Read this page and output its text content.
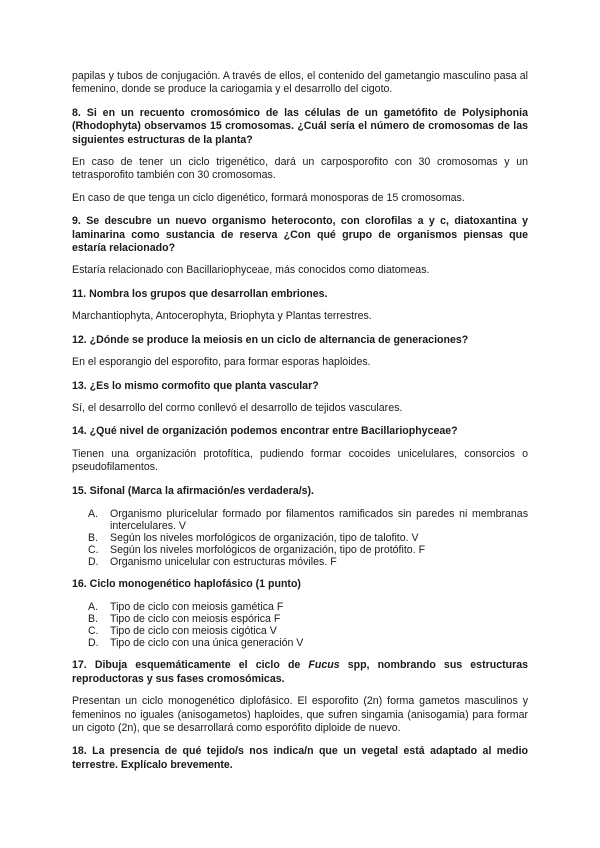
papilas y tubos de conjugación. A través de ellos, el contenido del gametangio masculino pasa al femenino, donde se produce la cariogamia y el desarrollo del cigoto.

8. Si en un recuento cromosómico de las células de un gametófito de Polysiphonia (Rhodophyta) observamos 15 cromosomas. ¿Cuál sería el número de cromosomas de las siguientes estructuras de la planta?

En caso de tener un ciclo trigenético, dará un carposporofito con 30 cromosomas y un tetrasporofito también con 30 cromosomas.

En caso de que tenga un ciclo digenético, formará monosporas de 15 cromosomas.

9. Se descubre un nuevo organismo heteroconto, con clorofilas a y c, diatoxantina y laminarina como sustancia de reserva ¿Con qué grupo de organismos piensas que estaría relacionado?

Estaría relacionado con Bacillariophyceae, más conocidos como diatomeas.

11. Nombra los grupos que desarrollan embriones.

Marchantiophyta, Antocerophyta, Briophyta y Plantas terrestres.

12. ¿Dónde se produce la meiosis en un ciclo de alternancia de generaciones?

En el esporangio del esporofito, para formar esporas haploides.

13. ¿Es lo mismo cormofito que planta vascular?

Sí, el desarrollo del cormo conllevó el desarrollo de tejidos vasculares.

14. ¿Qué nivel de organización podemos encontrar entre Bacillariophyceae?

Tienen una organización protofítica, pudiendo formar cocoides unicelulares, consorcios o pseudofilamentos.

15. Sifonal (Marca la afirmación/es verdadera/s).

A. Organismo pluricelular formado por filamentos ramificados sin paredes ni membranas intercelulares. V
B. Según los niveles morfológicos de organización, tipo de talofito. V
C. Según los niveles morfológicos de organización, tipo de protófito. F
D. Organismo unicelular con estructuras móviles. F

16. Ciclo monogenético haplofásico (1 punto)

A. Tipo de ciclo con meiosis gamética F
B. Tipo de ciclo con meiosis espórica F
C. Tipo de ciclo con meiosis cigótica V
D. Tipo de ciclo con una única generación V

17. Dibuja esquemáticamente el ciclo de Fucus spp, nombrando sus estructuras reproductoras y sus fases cromosómicas.

Presentan un ciclo monogenético diplofásico. El esporofito (2n) forma gametos masculinos y femeninos no iguales (anisogametos) haploides, que sufren singamia (anisogamia) para formar un cigoto (2n), que se desarrollará como esporófito diploide de nuevo.

18. La presencia de qué tejido/s nos indica/n que un vegetal está adaptado al medio terrestre. Explícalo brevemente.
